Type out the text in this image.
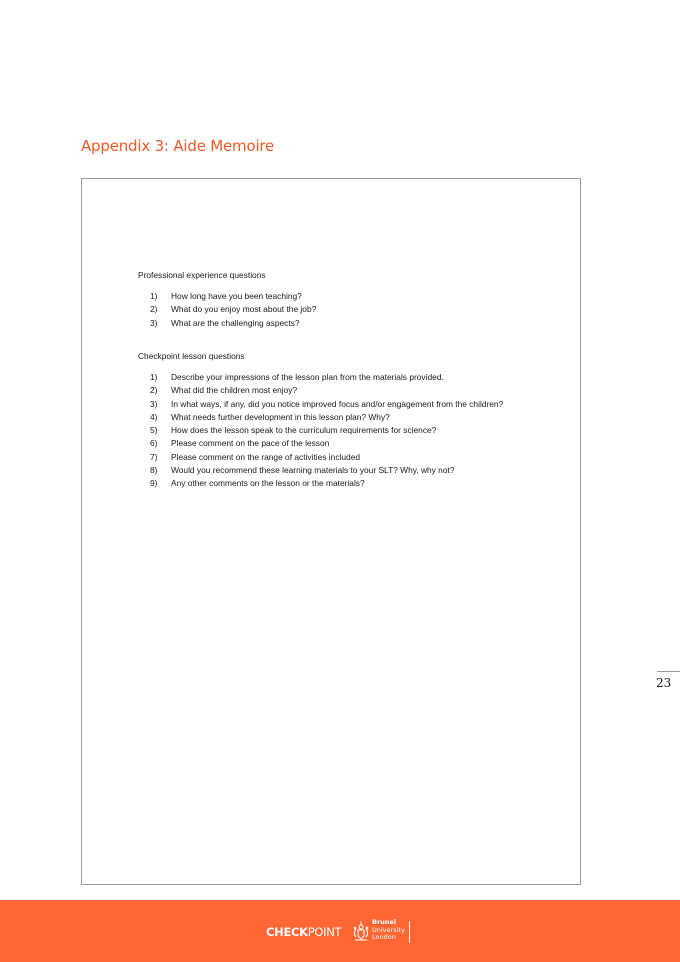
Appendix 3: Aide Memoire
Professional experience questions
1)	How long have you been teaching?
2)	What do you enjoy most about the job?
3)	What are the challenging aspects?
Checkpoint lesson questions
1)	Describe your impressions of the lesson plan from the materials provided.
2)	What did the children most enjoy?
3)	In what ways, if any, did you notice improved focus and/or engagement from the children?
4)	What needs further development in this lesson plan? Why?
5)	How does the lesson speak to the curriculum requirements for science?
6)	Please comment on the pace of the lesson
7)	Please comment on the range of activities included
8)	Would you recommend these learning materials to your SLT? Why, why not?
9)	Any other comments on the lesson or the materials?
23
CHECKPOINT
Brunel
University
London
